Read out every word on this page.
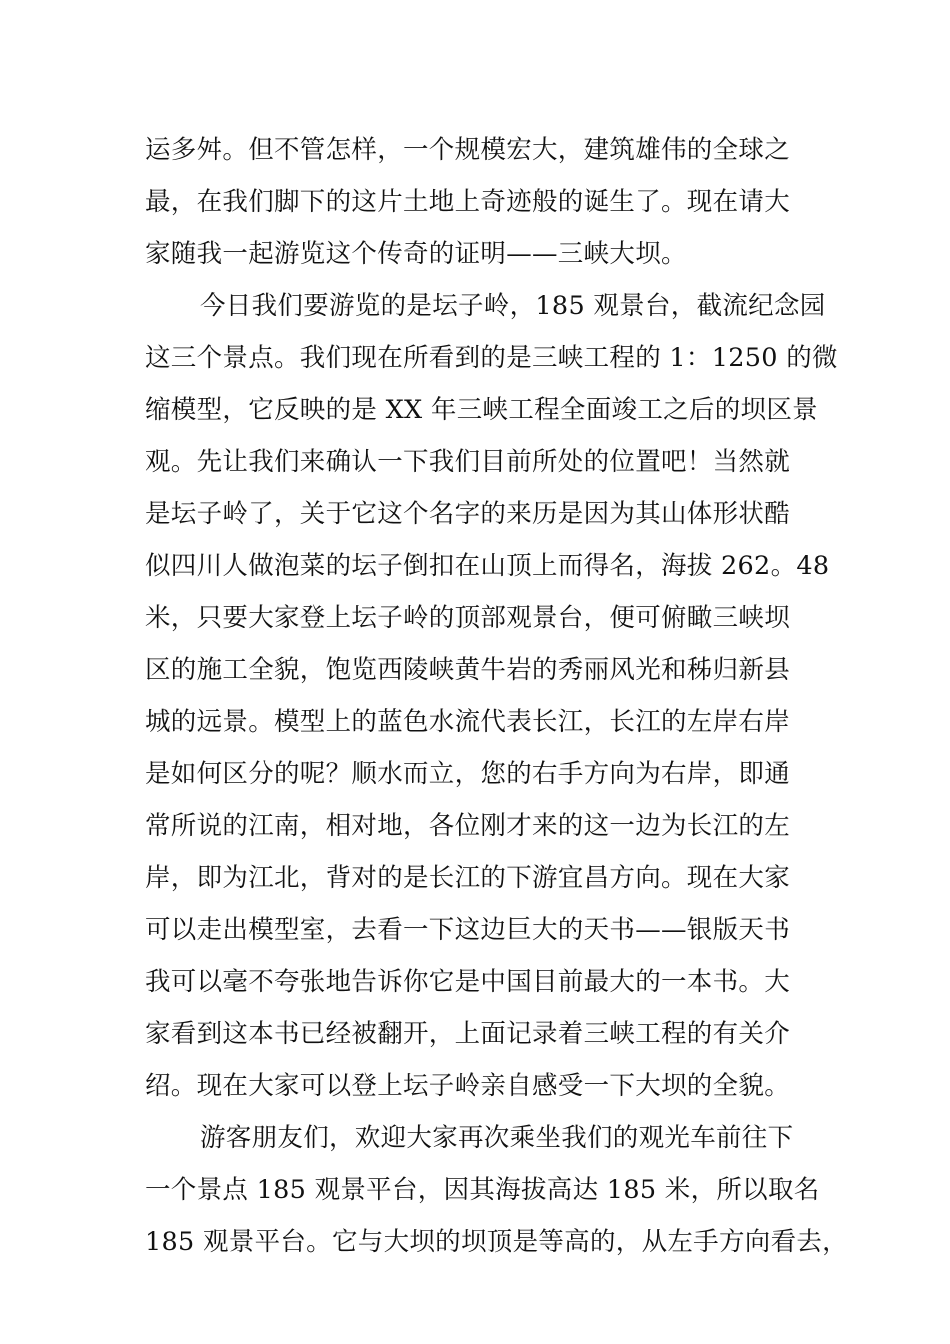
运多舛。但不管怎样，一个规模宏大，建筑雄伟的全球之
最，在我们脚下的这片土地上奇迹般的诞生了。现在请大
家随我一起游览这个传奇的证明——三峡大坝。
今日我们要游览的是坛子岭，185 观景台，截流纪念园
这三个景点。我们现在所看到的是三峡工程的 1：1250 的微
缩模型，它反映的是 XX 年三峡工程全面竣工之后的坝区景
观。先让我们来确认一下我们目前所处的位置吧！当然就
是坛子岭了，关于它这个名字的来历是因为其山体形状酷
似四川人做泡菜的坛子倒扣在山顶上而得名，海拔 262。48
米，只要大家登上坛子岭的顶部观景台，便可俯瞰三峡坝
区的施工全貌，饱览西陵峡黄牛岩的秀丽风光和秭归新县
城的远景。模型上的蓝色水流代表长江，长江的左岸右岸
是如何区分的呢？顺水而立，您的右手方向为右岸，即通
常所说的江南，相对地，各位刚才来的这一边为长江的左
岸，即为江北，背对的是长江的下游宜昌方向。现在大家
可以走出模型室，去看一下这边巨大的天书——银版天书
我可以毫不夸张地告诉你它是中国目前最大的一本书。大
家看到这本书已经被翻开，上面记录着三峡工程的有关介
绍。现在大家可以登上坛子岭亲自感受一下大坝的全貌。
游客朋友们，欢迎大家再次乘坐我们的观光车前往下
一个景点 185 观景平台，因其海拔高达 185 米，所以取名
185 观景平台。它与大坝的坝顶是等高的，从左手方向看去，
